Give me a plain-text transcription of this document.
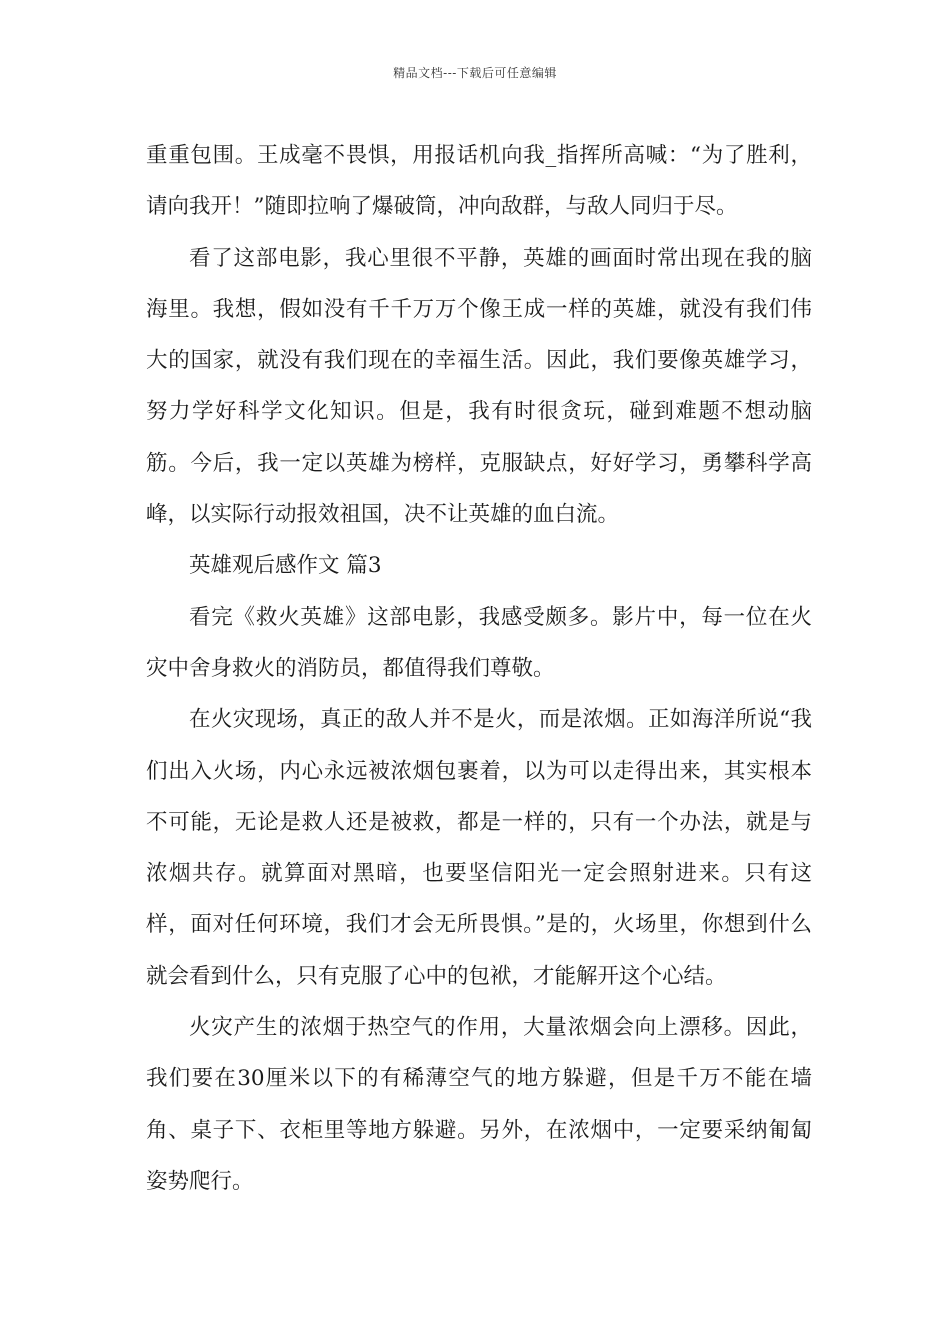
精品文档---下载后可任意编辑

重重包围。王成毫不畏惧，用报话机向我_指挥所高喊：“为了胜利，请向我开！”随即拉响了爆破筒，冲向敌群，与敌人同归于尽。

看了这部电影，我心里很不平静，英雄的画面时常出现在我的脑海里。我想，假如没有千千万万个像王成一样的英雄，就没有我们伟大的国家，就没有我们现在的幸福生活。因此，我们要像英雄学习，努力学好科学文化知识。但是，我有时很贪玩，碰到难题不想动脑筋。今后，我一定以英雄为榜样，克服缺点，好好学习，勇攀科学高峰，以实际行动报效祖国，决不让英雄的血白流。

英雄观后感作文 篇3

看完《救火英雄》这部电影，我感受颇多。影片中，每一位在火灾中舍身救火的消防员，都值得我们尊敬。

在火灾现场，真正的敌人并不是火，而是浓烟。正如海洋所说“我们出入火场，内心永远被浓烟包裹着，以为可以走得出来，其实根本不可能，无论是救人还是被救，都是一样的，只有一个办法，就是与浓烟共存。就算面对黑暗，也要坚信阳光一定会照射进来。只有这样，面对任何环境，我们才会无所畏惧。”是的，火场里，你想到什么就会看到什么，只有克服了心中的包袱，才能解开这个心结。

火灾产生的浓烟于热空气的作用，大量浓烟会向上漂移。因此，我们要在30厘米以下的有稀薄空气的地方躲避，但是千万不能在墙角、桌子下、衣柜里等地方躲避。另外，在浓烟中，一定要采纳匍匐姿势爬行。
